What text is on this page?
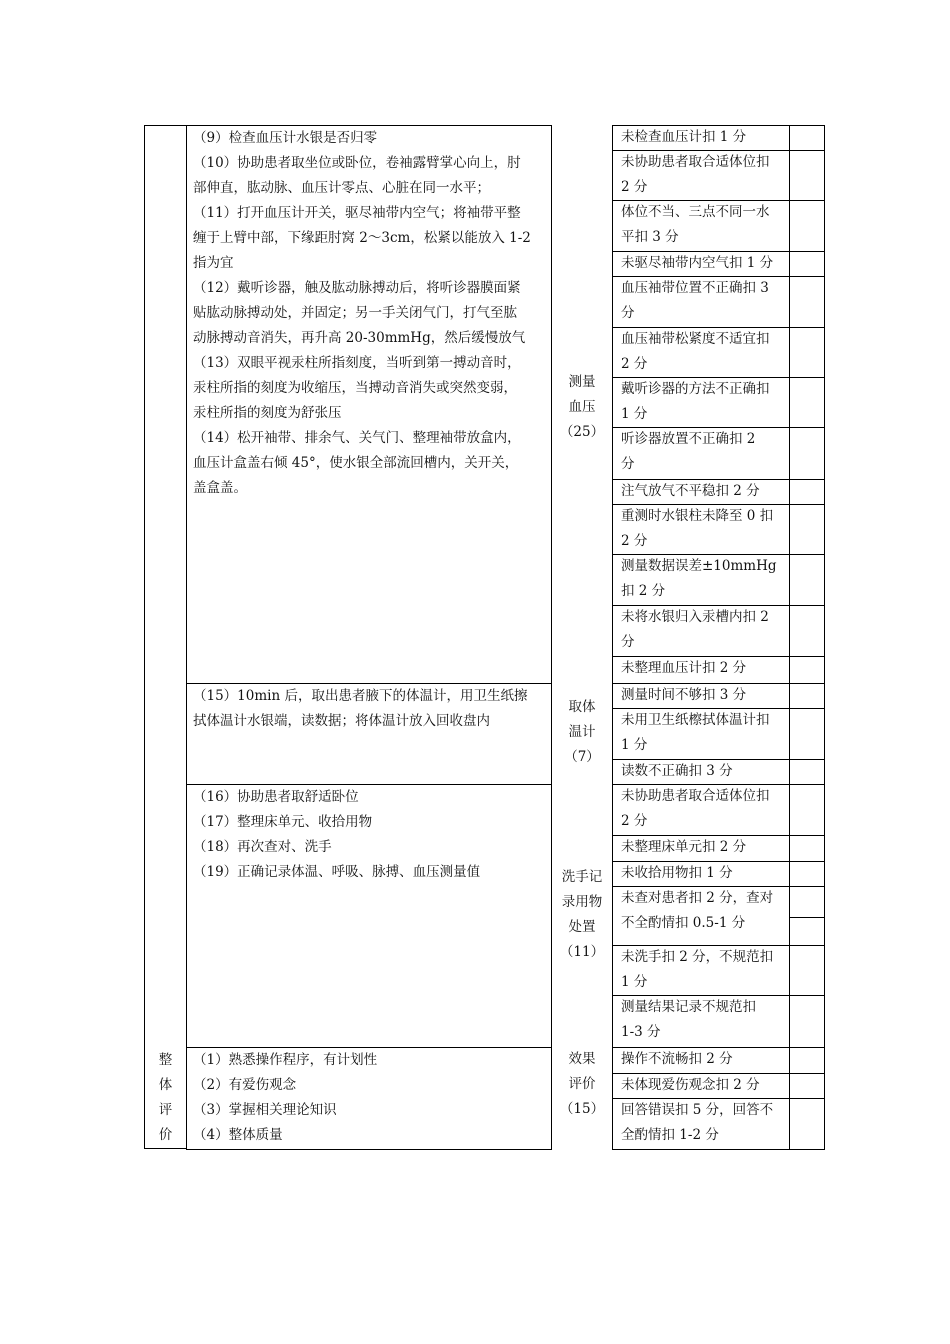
（9）检查血压计水银是否归零
（10）协助患者取坐位或卧位，卷袖露臂掌心向上，肘
部伸直，肱动脉、血压计零点、心脏在同一水平；
（11）打开血压计开关，驱尽袖带内空气；将袖带平整
缠于上臂中部，下缘距肘窝 2～3cm，松紧以能放入 1-2
指为宜
（12）戴听诊器，触及肱动脉搏动后，将听诊器膜面紧
贴肱动脉搏动处，并固定；另一手关闭气门，打气至肱
动脉搏动音消失，再升高 20-30mmHg，然后缓慢放气
（13）双眼平视汞柱所指刻度，当听到第一搏动音时，
汞柱所指的刻度为收缩压，当搏动音消失或突然变弱，
汞柱所指的刻度为舒张压
（14）松开袖带、排余气、关气门、整理袖带放盒内，
血压计盒盖右倾 45°，使水银全部流回槽内，关开关，
盖盒盖。
测量
血压
（25）
未检查血压计扣 1 分
未协助患者取合适体位扣
2 分
体位不当、三点不同一水
平扣 3 分
未驱尽袖带内空气扣 1 分
血压袖带位置不正确扣 3
分
血压袖带松紧度不适宜扣
2 分
戴听诊器的方法不正确扣
1 分
听诊器放置不正确扣 2
分
注气放气不平稳扣 2 分
重测时水银柱未降至 0 扣
2 分
测量数据误差±10mmHg
扣 2 分
未将水银归入汞槽内扣 2
分
未整理血压计扣 2 分
（15）10min 后，取出患者腋下的体温计，用卫生纸擦
拭体温计水银端，读数据；将体温计放入回收盘内
取体
温计
（7）
测量时间不够扣 3 分
未用卫生纸檫拭体温计扣
1 分
读数不正确扣 3 分
（16）协助患者取舒适卧位
（17）整理床单元、收拾用物
（18）再次查对、洗手
（19）正确记录体温、呼吸、脉搏、血压测量值	洗手记
录用物
处置
（11）
未协助患者取合适体位扣
2 分
未整理床单元扣 2 分
未收拾用物扣 1 分
未查对患者扣 2 分，查对
不全酌情扣 0.5-1 分
未洗手扣 2 分，不规范扣
1 分
测量结果记录不规范扣
1-3 分
（1）熟悉操作程序，有计划性
（2）有爱伤观念
（3）掌握相关理论知识
（4）整体质量
效果
评价
（15）
操作不流畅扣 2 分
未体现爱伤观念扣 2 分
回答错误扣 5 分，回答不
全酌情扣 1-2 分
整
体
评
价
